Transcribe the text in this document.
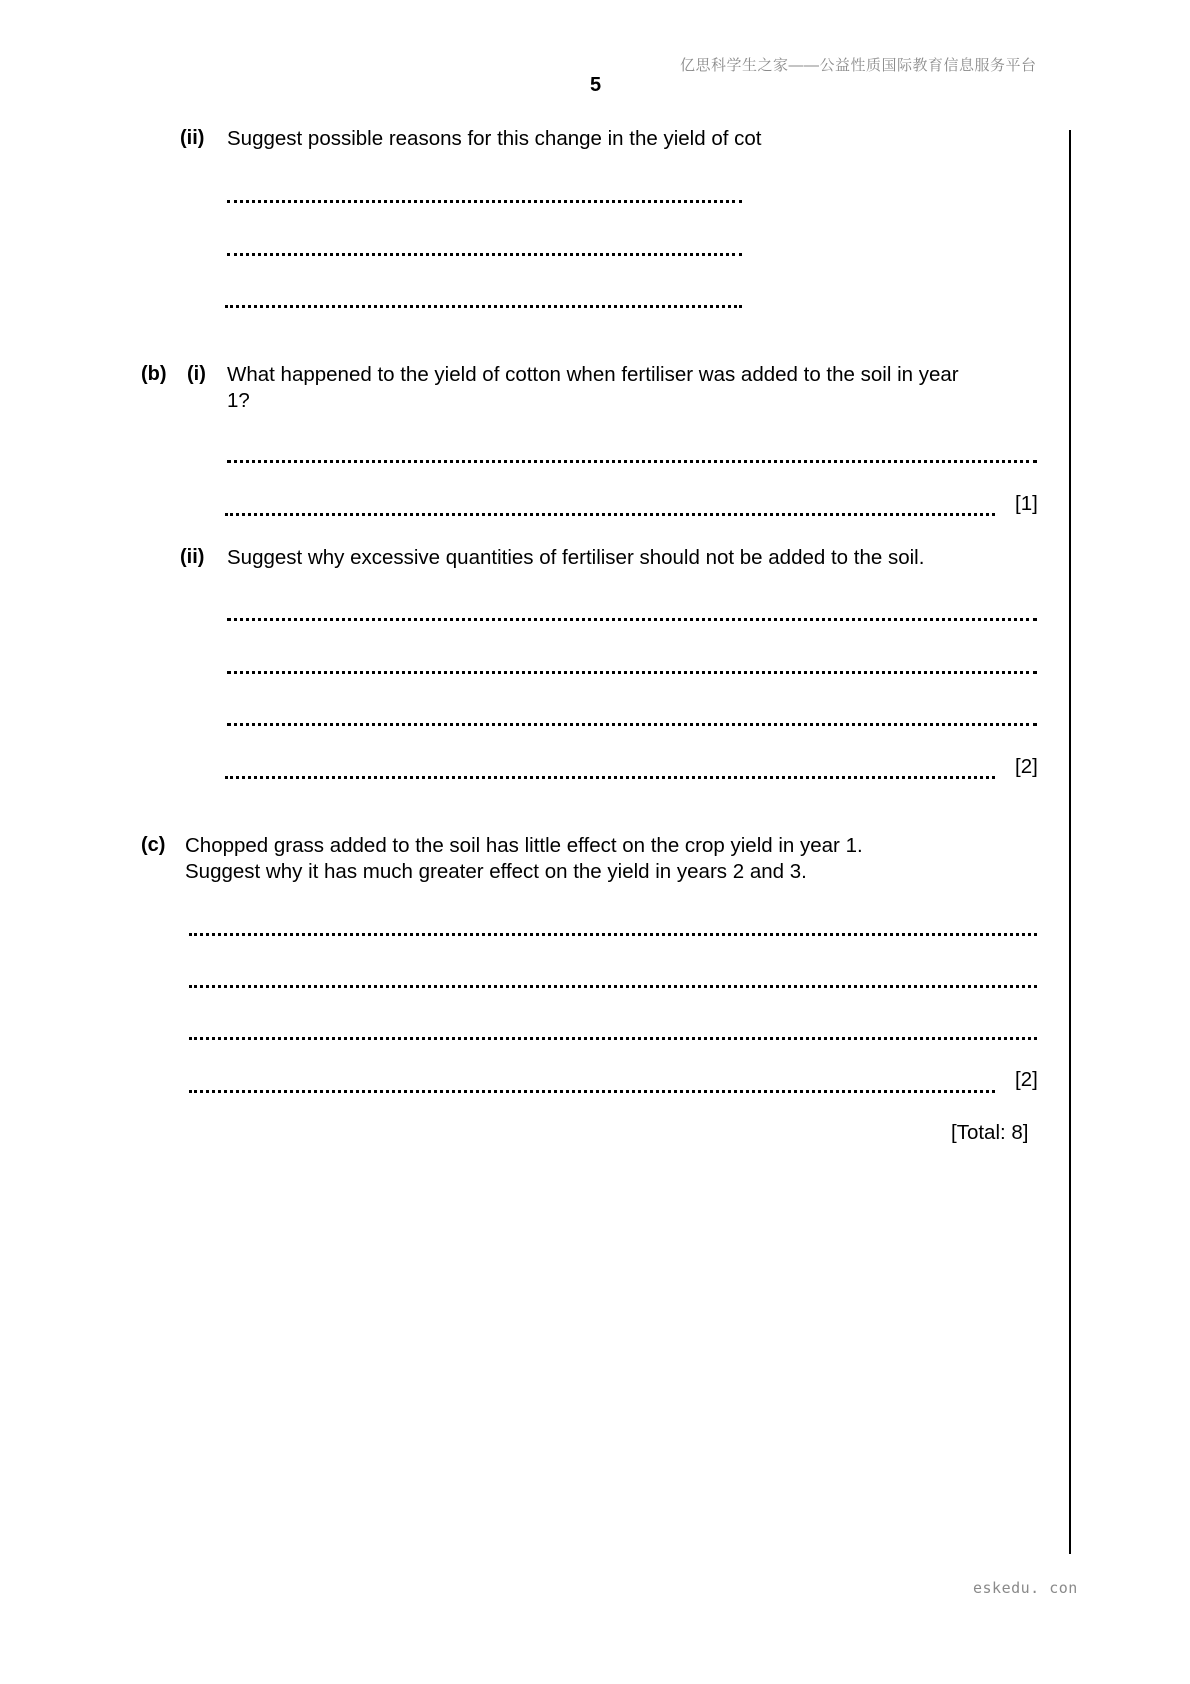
亿思科学生之家——公益性质国际教育信息服务平台
5
(ii) Suggest possible reasons for this change in the yield of cot
(b) (i) What happened to the yield of cotton when fertiliser was added to the soil in year 1?
[1]
(ii) Suggest why excessive quantities of fertiliser should not be added to the soil.
[2]
(c) Chopped grass added to the soil has little effect on the crop yield in year 1.
Suggest why it has much greater effect on the yield in years 2 and 3.
[2]
[Total: 8]
eskedu. con
